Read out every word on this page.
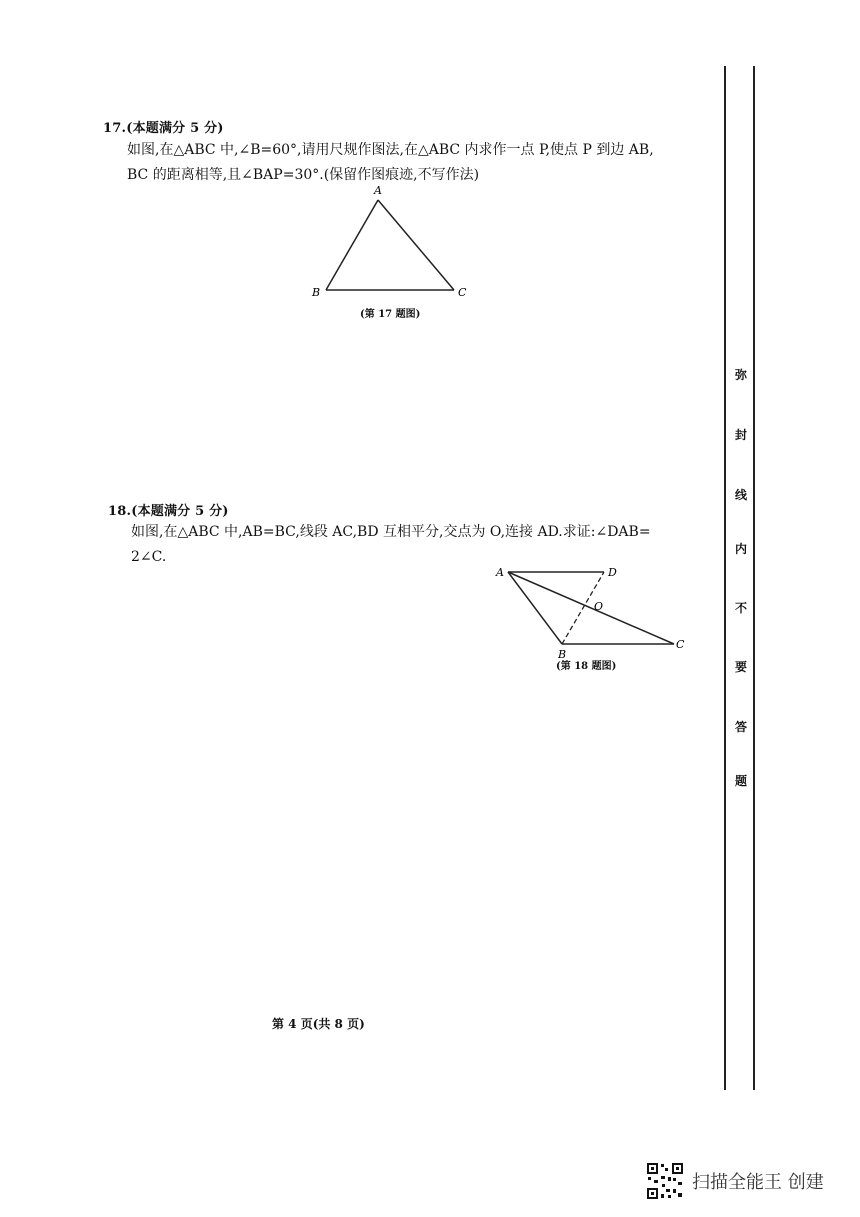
17.(本题满分 5 分)
如图,在△ABC 中,∠B=60°,请用尺规作图法,在△ABC 内求作一点 P,使点 P 到边 AB,
BC 的距离相等,且∠BAP=30°.(保留作图痕迹,不写作法)
A
B	C
(第 17 题图)
18.(本题满分 5 分)
如图,在△ABC 中,AB=BC,线段 AC,BD 互相平分,交点为 O,连接 AD.求证:∠DAB=
2∠C.
A	D
O
B
C
(第 18 题图)
弥
封
线
内
不
要
答
题
第 4 页(共 8 页)
扫描全能王 创建
